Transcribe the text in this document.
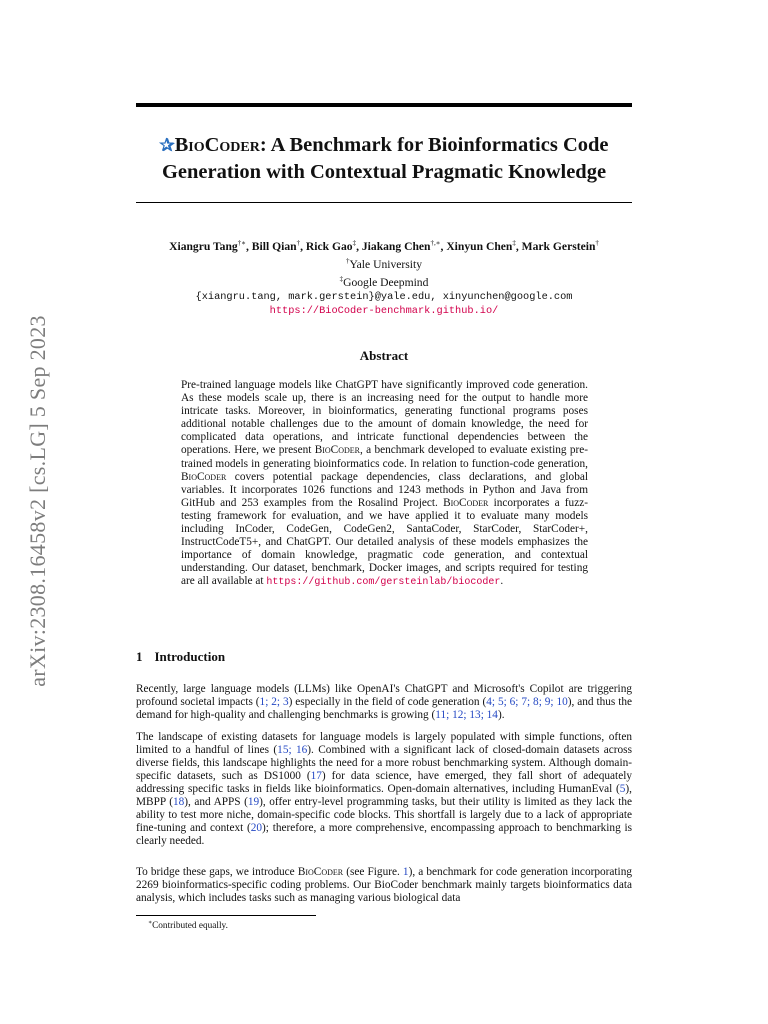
arXiv:2308.16458v2 [cs.LG] 5 Sep 2023
✰BioCoder: A Benchmark for Bioinformatics Code
Generation with Contextual Pragmatic Knowledge
Xiangru Tang†∗, Bill Qian†, Rick Gao‡, Jiakang Chen†,∗, Xinyun Chen‡, Mark Gerstein†
†Yale University
‡Google Deepmind
{xiangru.tang, mark.gerstein}@yale.edu, xinyunchen@google.com
https://BioCoder-benchmark.github.io/
Abstract

Pre-trained language models like ChatGPT have significantly improved code generation. As these models scale up, there is an increasing need for the output to handle more intricate tasks. Moreover, in bioinformatics, generating functional programs poses additional notable challenges due to the amount of domain knowledge, the need for complicated data operations, and intricate functional dependencies between the operations. Here, we present BioCoder, a benchmark developed to evaluate existing pre-trained models in generating bioinformatics code. In relation to function-code generation, BioCoder covers potential package dependencies, class declarations, and global variables. It incorporates 1026 functions and 1243 methods in Python and Java from GitHub and 253 examples from the Rosalind Project. BioCoder incorporates a fuzz-testing framework for evaluation, and we have applied it to evaluate many models including InCoder, CodeGen, CodeGen2, SantaCoder, StarCoder, StarCoder+, InstructCodeT5+, and ChatGPT. Our detailed analysis of these models emphasizes the importance of domain knowledge, pragmatic code generation, and contextual understanding. Our dataset, benchmark, Docker images, and scripts required for testing are all available at https://github.com/gersteinlab/biocoder.

1 Introduction

Recently, large language models (LLMs) like OpenAI's ChatGPT and Microsoft's Copilot are triggering profound societal impacts (1; 2; 3) especially in the field of code generation (4; 5; 6; 7; 8; 9; 10), and thus the demand for high-quality and challenging benchmarks is growing (11; 12; 13; 14).

The landscape of existing datasets for language models is largely populated with simple functions, often limited to a handful of lines (15; 16). Combined with a significant lack of closed-domain datasets across diverse fields, this landscape highlights the need for a more robust benchmarking system. Although domain-specific datasets, such as DS1000 (17) for data science, have emerged, they fall short of adequately addressing specific tasks in fields like bioinformatics. Open-domain alternatives, including HumanEval (5), MBPP (18), and APPS (19), offer entry-level programming tasks, but their utility is limited as they lack the ability to test more niche, domain-specific code blocks. This shortfall is largely due to a lack of appropriate fine-tuning and context (20); therefore, a more comprehensive, encompassing approach to benchmarking is clearly needed.

To bridge these gaps, we introduce BioCoder (see Figure. 1), a benchmark for code generation incorporating 2269 bioinformatics-specific coding problems. Our BioCoder benchmark mainly targets bioinformatics data analysis, which includes tasks such as managing various biological data

∗Contributed equally.
